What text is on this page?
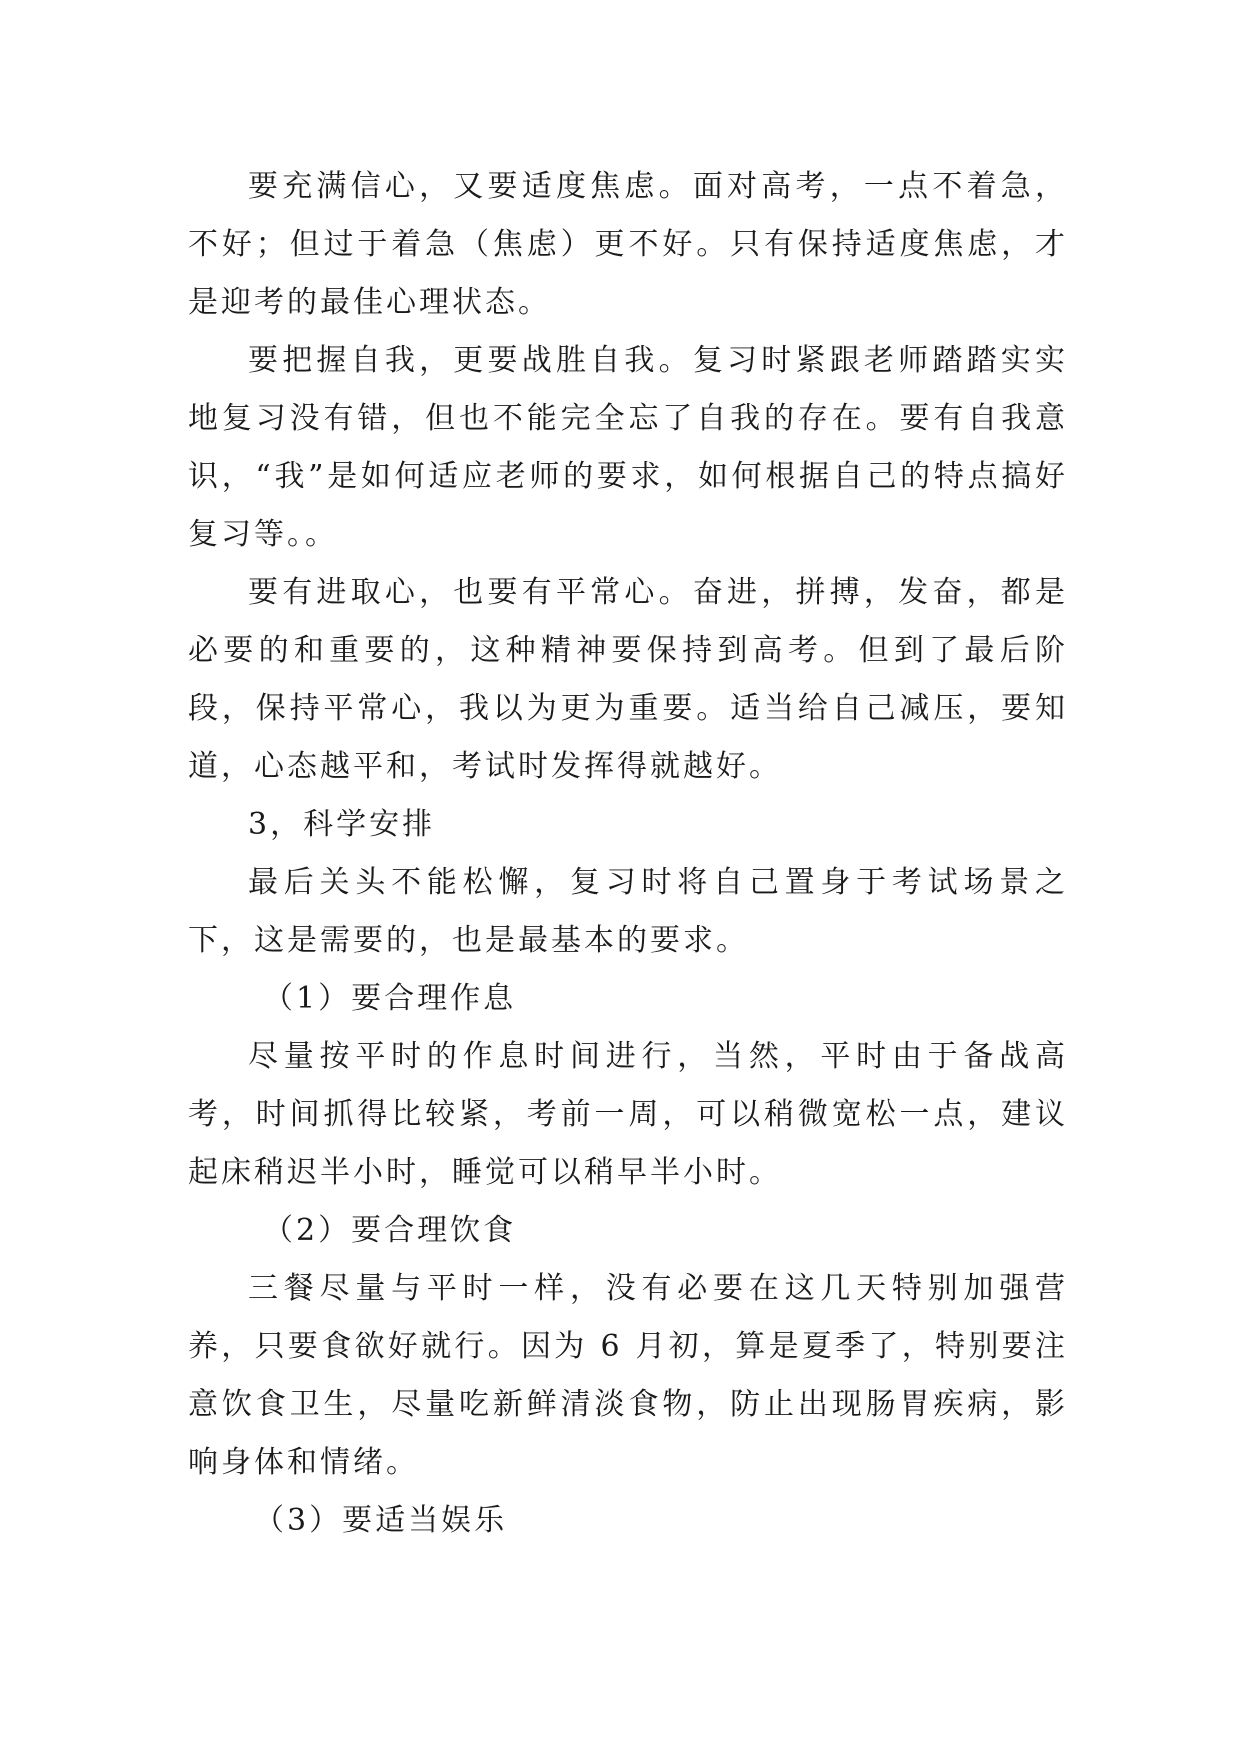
要充满信心，又要适度焦虑。面对高考，一点不着急，不好；但过于着急（焦虑）更不好。只有保持适度焦虑，才是迎考的最佳心理状态。

要把握自我，更要战胜自我。复习时紧跟老师踏踏实实地复习没有错，但也不能完全忘了自我的存在。要有自我意识，“我”是如何适应老师的要求，如何根据自己的特点搞好复习等。。

要有进取心，也要有平常心。奋进，拼搏，发奋，都是必要的和重要的，这种精神要保持到高考。但到了最后阶段，保持平常心，我以为更为重要。适当给自己减压，要知道，心态越平和，考试时发挥得就越好。

3，科学安排

最后关头不能松懈，复习时将自己置身于考试场景之下，这是需要的，也是最基本的要求。

（1）要合理作息

尽量按平时的作息时间进行，当然，平时由于备战高考，时间抓得比较紧，考前一周，可以稍微宽松一点，建议起床稍迟半小时，睡觉可以稍早半小时。

（2）要合理饮食

三餐尽量与平时一样，没有必要在这几天特别加强营养，只要食欲好就行。因为 6 月初，算是夏季了，特别要注意饮食卫生，尽量吃新鲜清淡食物，防止出现肠胃疾病，影响身体和情绪。

（3）要适当娱乐
